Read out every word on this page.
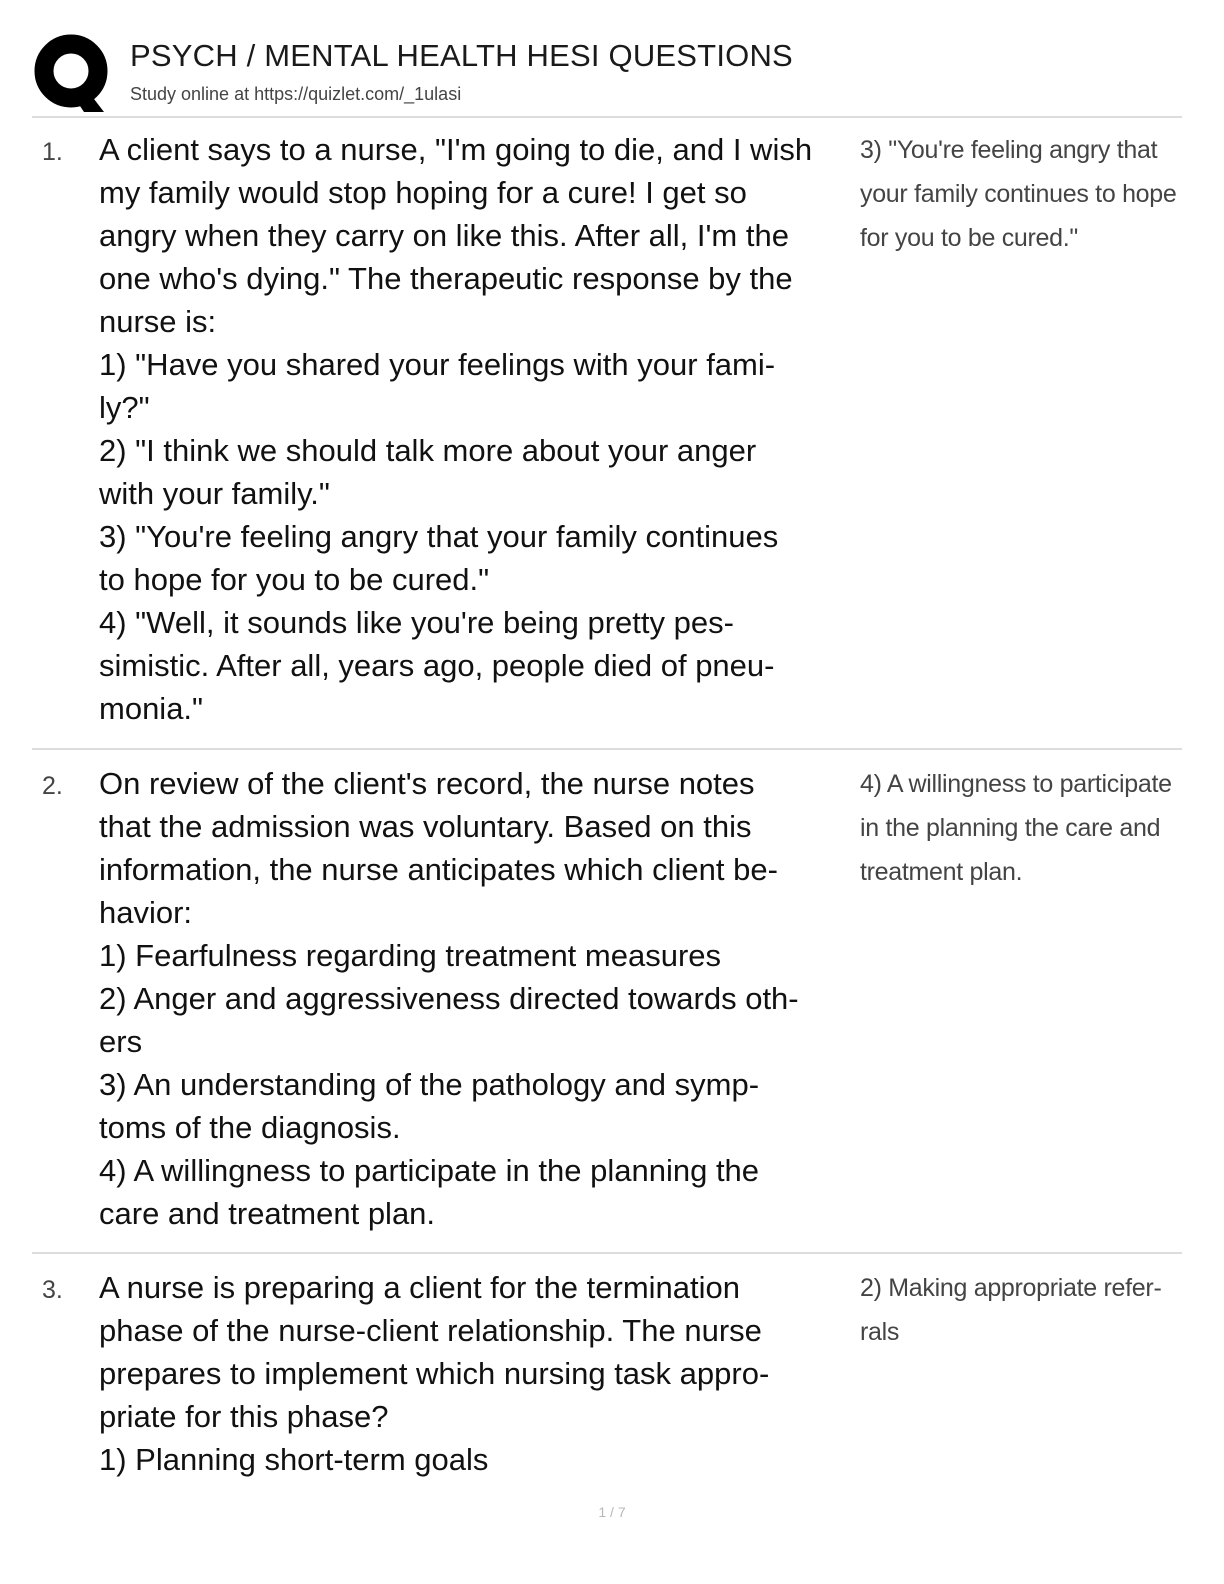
PSYCH / MENTAL HEALTH HESI QUESTIONS
Study online at https://quizlet.com/_1ulasi
1. A client says to a nurse, "I'm going to die, and I wish
my family would stop hoping for a cure! I get so
angry when they carry on like this. After all, I'm the
one who's dying." The therapeutic response by the
nurse is:
1) "Have you shared your feelings with your fami-
ly?"
2) "I think we should talk more about your anger
with your family."
3) "You're feeling angry that your family continues
to hope for you to be cured."
4) "Well, it sounds like you're being pretty pes-
simistic. After all, years ago, people died of pneu-
monia."
3) "You're feeling angry that
your family continues to hope
for you to be cured."
2. On review of the client's record, the nurse notes
that the admission was voluntary. Based on this
information, the nurse anticipates which client be-
havior:
1) Fearfulness regarding treatment measures
2) Anger and aggressiveness directed towards oth-
ers
3) An understanding of the pathology and symp-
toms of the diagnosis.
4) A willingness to participate in the planning the
care and treatment plan.
4) A willingness to participate
in the planning the care and
treatment plan.
3. A nurse is preparing a client for the termination
phase of the nurse-client relationship. The nurse
prepares to implement which nursing task appro-
priate for this phase?
1) Planning short-term goals
2) Making appropriate refer-
rals
1 / 7
